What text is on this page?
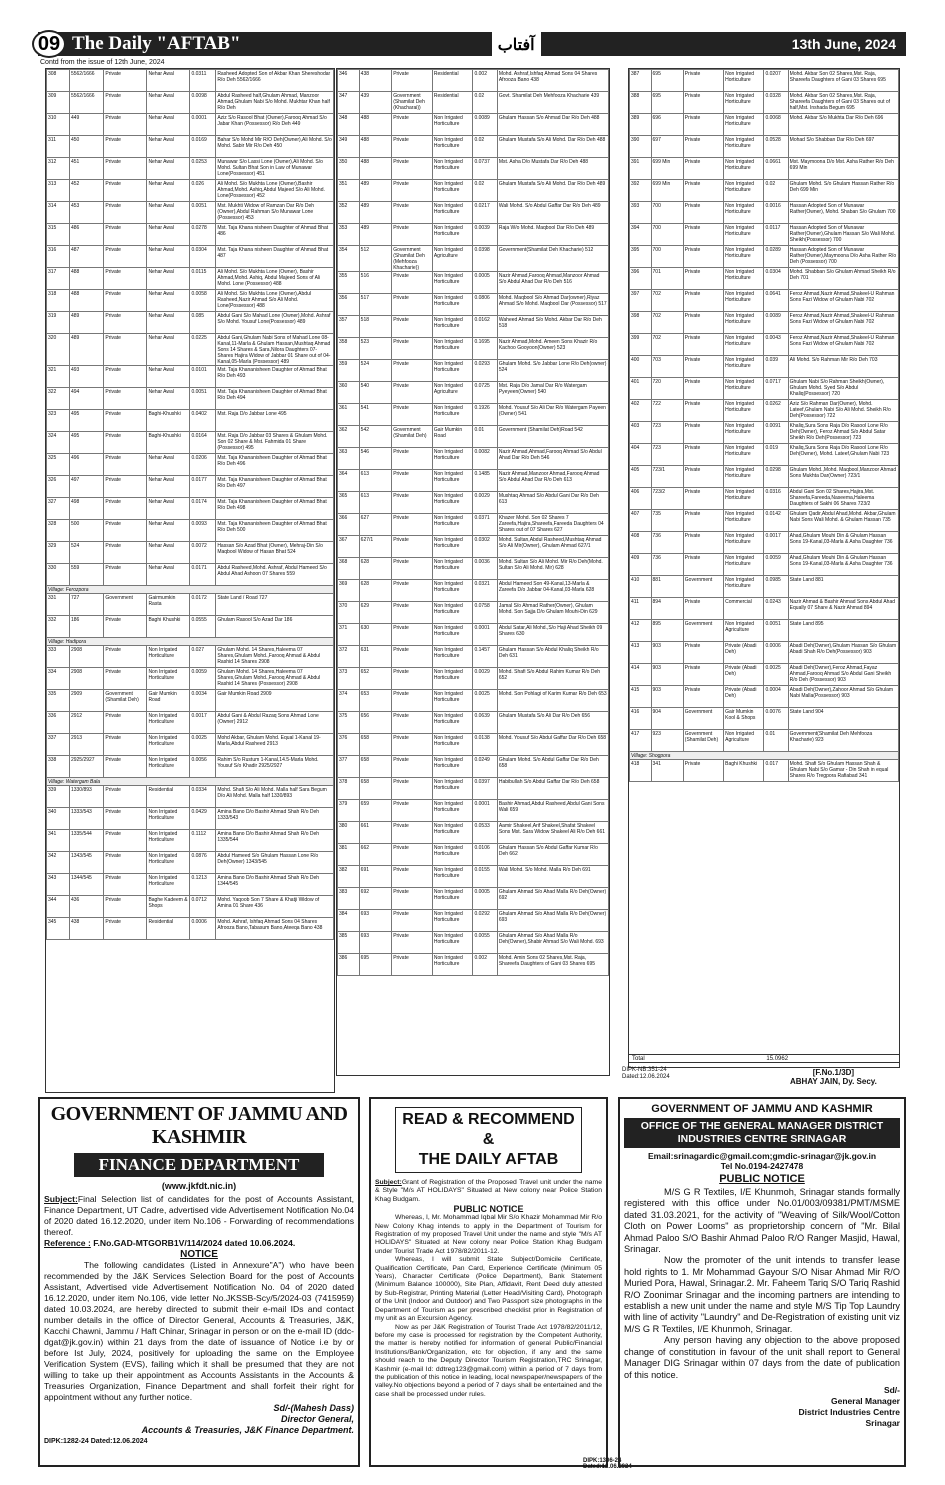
09 The Daily "AFTAB"	آفتاب	13th June, 2024
Contd from the issue of 12th June, 2024
308	5562/1666	Private	Nehar Awal	0.0311	Rasheed Adopted Son of Akbar Khan Shereshodar R/o Deh 5562/1666
309	5562/1666	Private	Nehar Awal	0.0098	Abdul Rasheed half,Ghulam Ahmad, Manzoor Ahmad,Ghulam Nabi S/o Mohd. Mukhtar Khan half R/o Deh
310	449	Private	Nehar Awal	0.0001	Aziz S/o Rasool Bhat (Owner),Farooq Ahmad S/o Jabar Khan (Possessor) R/o Deh 449
311	450	Private	Nehar Awal	0.0169	Bahar S/o Mohd Mir R/O Deh(Owner),Ali Mohd. S/o Mohd. Sabir Mir R/o Deh 450
312	451	Private	Nehar Awal	0.0253	Munawar S/o Lassi Lone (Owner),Ali Mohd. S/o Mohd. Sultan Bhat Son in Law of Munawar Lone(Possessor) 451
313	452	Private	Nehar Awal	0.026	Ali Mohd. S/o Mukhta Lone (Owner),Bashir Ahmad,Mohd. Ashiq,Abdul Majeed S/o Ali Mohd. Lone(Possessor) 452
314	453	Private	Nehar Awal	0.0051	Mst. Mukhti Widow of Ramzan Dar R/o Deh (Owner),Abdul Rahman S/o Munawar Lone (Possessor) 453
315	486	Private	Nehar Awal	0.0278	Mst. Taja Khana nisheen Daughter of Ahmad Bhat 486
316	487	Private	Nehar Awal	0.0304	Mst. Taja Khana nisheen Daughter of Ahmad Bhat 487
317	488	Private	Nehar Awal	0.0115	Ali Mohd. S/o Mukhta Lone (Owner), Bashir Ahmad,Mohd. Ashiq, Abdul Majeed Sons of Ali Mohd. Lone (Possessor) 488
318	488	Private	Nehar Awal	0.0058	Ali Mohd. S/o Mukhta Lone (Owner),Abdul Rasheed,Nazir Ahmad S/o Ali Mohd. Lone(Possessor) 488
319	489	Private	Nehar Awal	0.085	Abdul Gani S/o Mahad Lone (Owner),Mohd. Ashraf S/o Mohd. Yousuf Lone(Possessor) 489
320	489	Private	Nehar Awal	0.0225	Abdul Gani,Ghulam Nabi Sons of Mahad Lone 08-Kanal,11-Marla & Ghulam Hassan,Mushtaq Ahmad Sons 14 Shares & Sara,Nilora Daughters 07-Shares Hajira Widow of Jabbar 01 Share out of 04-Kanal,05-Marla (Possessor) 489
321	493	Private	Nehar Awal	0.0101	Mst. Taja Khananisheen Daughter of Ahmad Bhat R/o Deh 493
322	494	Private	Nehar Awal	0.0051	Mst. Taja Khananisheen Daughter of Ahmad Bhat R/o Deh 494
323	495	Private	Baghi-Khushki	0.0402	Mst. Raja D/o Jabbar Lone 495
324	495	Private	Baghi-Khushki	0.0164	Mst. Raja D/o Jabbar 03 Shares & Ghulam Mohd. Son 02 Share & Mst. Fahmida 01 Share (Possessor) 495
325	496	Private	Nehar Awal	0.0206	Mst. Taja Khananisheen Daughter of Ahmad Bhat R/o Deh 496
326	497	Private	Nehar Awal	0.0177	Mst. Taja Khananisheen Daughter of Ahmad Bhat R/o Deh 497
327	498	Private	Nehar Awal	0.0174	Mst. Taja Khananisheen Daughter of Ahmad Bhat R/o Deh 498
328	500	Private	Nehar Awal	0.0093	Mst. Taja Khananisheen Daughter of Ahmad Bhat R/o Deh 500
329	524	Private	Nehar Awal	0.0072	Hassan S/o Azad Bhat (Owner), Mehraj-Din S/o Maqbool Widow of Hasan Bhat 524
330	559	Private	Nehar Awal	0.0171	Abdul Rasheed,Mohd. Ashraf, Abdul Hameed S/o Abdul Ahad Ashoon 07 Shares 559
Village: Ferozpora					
331	727	Government	Gairmumkin Rasta	0.0172	State Land / Road 727
332	186	Private	Baghi Khushki	0.0555	Ghulam Rasool S/o Azad Dar 186
Village: Hadipora					
333	2908	Private	Non Irrigated Horticulture	0.027	Ghulam Mohd. 14 Shares,Haleema 07 Shares,Ghulam Mohd.,Farooq Ahmad & Abdul Rashid 14 Shares 2908
334	2908	Private	Non Irrigated Horticulture	0.0059	Ghulam Mohd. 14 Shares,Haleema 07 Shares,Ghulam Mohd.,Farooq Ahmad & Abdul Rashid 14 Shares (Possessor) 2908
335	2909	Government (Shamilat Deh)	Gair Mumkin Road	0.0034	Gair Mumkin Road 2909
336	2912	Private	Non Irrigated Horticulture	0.0017	Abdul Gani & Abdul Razaq Sons Ahmad Lone (Owner) 2912
337	2913	Private	Non Irrigated Horticulture	0.0025	Mohd Akbar, Ghulam Mohd. Equal 1-Kanal 19-Marla,Abdul Rasheed 2913
338	2925/2927	Private	Non Irrigated Horticulture	0.0056	Rahim S/o Rustum 1-Kanal,14.5-Marla Mohd. Yousuf S/o Khadir 2925/2927
Village: Watergam Bala					
339	1330/893	Private	Residential	0.0334	Mohd. Shafi S/o Ali Mohd. Malla half Sara Begum D/o Ali Mohd. Malla half 1330/893
340	1333/543	Private	Non Irrigated Horticulture	0.0429	Amina Bano D/o Bashir Ahmad Shah R/o Deh 1333/543
341	1335/544	Private	Non Irrigated Horticulture	0.1112	Amina Bano D/o Bashir Ahmad Shah R/o Deh 1335/544
342	1343/545	Private	Non Irrigated Horticulture	0.0876	Abdul Hameed S/o Ghulam Hassan Lone R/o Deh(Owner) 1343/545
343	1344/545	Private	Non Irrigated Horticulture	0.1213	Amina Bano D/o Bashir Ahmad Shah R/o Deh 1344/545
344	436	Private	Baghe Kadeem & Shops	0.0712	Mohd. Yaqoob Son 7 Share & Khatji Widow of Amina 01 Share 436
345	438	Private	Residential	0.0006	Mohd. Ashraf, Ishfaq Ahmad Sons 04 Shares Afrooza Bano,Tabasum Bano,Ateeqa Bano 438
346	438	Private	Residential	0.002	Mohd. Ashraf,Ishfaq Ahmad Sons 04 Shares Afrooza Bano 438
347	439	Government (Shamilat Deh (Khacharai))	Residential	0.02	Govt. Shamilat Deh Mehfooza Khacharie 439
348	488	Private	Non Irrigated Horticulture	0.0089	Ghulam Hassan S/o Ahmad Dar R/o Deh 488
349	488	Private	Non Irrigated Horticulture	0.02	Ghulam Mustafa S/o Ali Mohd. Dar R/o Deh 488
350	488	Private	Non Irrigated Horticulture	0.0737	Mst. Asha D/o Mustafa Dar R/o Deh 488
351	489	Private	Non Irrigated Horticulture	0.02	Ghulam Mustafa S/o Ali Mohd. Dar R/o Deh 489
352	489	Private	Non Irrigated Horticulture	0.0217	Wali Mohd. S/o Abdul Gaffar Dar R/o Deh 489
353	489	Private	Non Irrigated Horticulture	0.0039	Raja W/o Mohd. Maqbool Dar R/o Deh 489
354	512	Government (Shamilat Deh (Mehfooza Khacharie))	Non Irrigated Agriculture	0.0398	Government(Shamilat Deh Khacharie) 512
355	516	Private	Non Irrigated Horticulture	0.0005	Nazir Ahmad,Farooq Ahmad,Manzoor Ahmad S/o Abdul Ahad Dar R/o Deh 516
356	517	Private	Non Irrigated Horticulture	0.0806	Mohd. Maqbool S/o Ahmad Dar(owner),Riyaz Ahmad S/o Mohd. Maqbool Dar (Possessor) 517
357	518	Private	Non Irrigated Horticulture	0.0162	Waheed Ahmad S/o Mohd. Akbar Dar R/o Deh 518
358	523	Private	Non Irrigated Horticulture	0.1695	Nazir Ahmad,Mohd. Ameen Sons Khazir R/o Kachoo Gooyoon(Owner) 523
359	524	Private	Non Irrigated Horticulture	0.0293	Ghulam Mohd. S/o Jabbar Lone R/o Deh(owner) 524
360	540	Private	Non Irrigated Agriculture	0.0725	Mst. Raja D/o Jamal Dar R/o Watergam Pyeyeen(Owner) 540
361	541	Private	Non Irrigated Horticulture	0.1926	Mohd. Yousuf S/o Ali Dar R/o Watergam Payeen (Owner) 541
362	542	Government (Shamilat Deh)	Gair Mumkin Road	0.01	Government (Shamilat Deh)Road 542
363	546	Private	Non Irrigated Horticulture	0.0082	Nazir Ahmad,Ahmad,Farooq Ahmad S/o Abdul Ahad Dar R/o Deh 546
364	613	Private	Non Irrigated Horticulture	0.1485	Nazir Ahmad,Manzoor Ahmad,Farooq Ahmad S/o Abdul Ahad Dar R/o Deh 613
365	613	Private	Non Irrigated Horticulture	0.0029	Mushtaq Ahmad S/o Abdul Gani Dar R/o Deh 613
366	627	Private	Non Irrigated Horticulture	0.0371	Khazer Mohd. Son 02 Shares 7 Zareefa,Hajira,Shareefa,Fareeda Daughters 04 Shares out of 07 Shares 627
367	627/1	Private	Non Irrigated Horticulture	0.0302	Mohd. Sultan,Abdul Rasheed,Mushtaq Ahmad S/o Ali Mir(Owner), Ghulam Ahmad 627/1
368	628	Private	Non Irrigated Horticulture	0.0036	Mohd. Sultan S/o Ali Mohd. Mir R/o Deh(Mohd. Sultan S/o Ali Mohd. Mir) 628
369	628	Private	Non Irrigated Horticulture	0.0321	Abdul Hameed Son 49-Kanal,13-Marla & Zareefa D/o Jabbar 04-Kanal,03-Marla 628
370	629	Private	Non Irrigated Horticulture	0.0758	Jamal S/o Ahmad Rather(Owner), Ghulam Mohd. Son Sajja D/o Ghulam Mouhi-Din 629
371	630	Private	Non Irrigated Horticulture	0.0001	Abdul Satar,Ali Mohd.,S/o Haji Ahad Sheikh 09 Shares 630
372	631	Private	Non Irrigated Horticulture	0.1457	Ghulam Hassan S/o Abdul Khaliq Sheikh R/o Deh 631
373	652	Private	Non Irrigated Horticulture	0.0029	Mohd. Shafi S/o Abdul Rahim Kumar R/o Deh 652
374	653	Private	Non Irrigated Horticulture	0.0025	Mohd. Son Pohlagi of Karim Kumar R/o Deh 653
375	656	Private	Non Irrigated Horticulture	0.0639	Ghulam Mustafa S/o Ali Dar R/o Deh 656
376	658	Private	Non Irrigated Horticulture	0.0138	Mohd. Yousuf S/o Abdul Gaffar Dar R/o Deh 658
377	658	Private	Non Irrigated Horticulture	0.0249	Ghulam Mohd. S/o Abdul Gaffar Dar R/o Deh 658
378	658	Private	Non Irrigated Horticulture	0.0397	Habibullah S/o Abdul Gaffar Dar R/o Deh 658
379	659	Private	Non Irrigated Horticulture	0.0001	Bashir Ahmad,Abdul Rasheed,Abdul Gani Sons Wali 659
380	661	Private	Non Irrigated Horticulture	0.0533	Aamir Shakeel,Arif Shakeel,Shafat Shakeel Sons Mst. Sara Widow Shakeel Ali R/o Deh 661
381	662	Private	Non Irrigated Horticulture	0.0106	Ghulam Hassan S/o Abdul Gaffar Kumar R/o Deh 662
382	691	Private	Non Irrigated Horticulture	0.0155	Wali Mohd. S/o Mohd. Malla R/o Deh 691
383	692	Private	Non Irrigated Horticulture	0.0005	Ghulam Ahmad S/o Ahad Malla R/o Deh(Owner) 692
384	693	Private	Non Irrigated Horticulture	0.0292	Ghulam Ahmad S/o Ahad Malla R/o Deh(Owner) 693
385	693	Private	Non Irrigated Horticulture	0.0055	Ghulam Ahmad S/o Ahad Malla R/o Deh(Owner),Shabir Ahmad S/o Wali Mohd. 693
386	695	Private	Non Irrigated Horticulture	0.002	Mohd. Amin Sons 02 Shares,Mst. Raja, Shareefa Daughters of Gani 03 Shares 695
387	695	Private	Non Irrigated Horticulture	0.0207	Mohd. Akbar Son 02 Shares,Mst. Raja, Shareefa Daughters of Gani 03 Shares 695
388	695	Private	Non Irrigated Horticulture	0.0328	Mohd. Akbar Son 02 Shares,Mst. Raja, Shareefa Daughters of Gani 03 Shares out of half,Mst. Inshada Begum 695
389	696	Private	Non Irrigated Horticulture	0.0068	Mohd. Akbar S/o Mukhta Dar R/o Deh 696
390	697	Private	Non Irrigated Horticulture	0.0528	Mohad S/o Shabban Dar R/o Deh 697
391	699 Min	Private	Non Irrigated Horticulture	0.0661	Mst. Maymoona D/o Mst. Asha Rather R/o Deh 699 Min
392	699 Min	Private	Non Irrigated Horticulture	0.02	Ghulam Mohd. S/o Ghulam Hassan Rather R/o Deh 699 Min
393	700	Private	Non Irrigated Horticulture	0.0016	Hassan Adopted Son of Munawar Rather(Owner), Mohd. Shaban S/o Ghulam 700
394	700	Private	Non Irrigated Horticulture	0.0117	Hassan Adopted Son of Munawar Rather(Owner),Ghulam Hassan S/o Wali Mohd. Sheikh(Possessor) 700
395	700	Private	Non Irrigated Horticulture	0.0289	Hassan Adopted Son of Munawar Rather(Owner),Maymoona D/o Asha Rather R/o Deh (Possessor) 700
396	701	Private	Non Irrigated Horticulture	0.0304	Mohd. Shabban S/o Ghulam Ahmad Sheikh R/o Deh 701
397	702	Private	Non Irrigated Horticulture	0.0641	Feroz Ahmad,Nazir Ahmad,Shakeel-U Rahman Sons Fazi Widow of Ghulam Nabi 702
398	702	Private	Non Irrigated Horticulture	0.0089	Feroz Ahmad,Nazir Ahmad,Shakeel-U Rahman Sons Fazi Widow of Ghulam Nabi 702
399	702	Private	Non Irrigated Horticulture	0.0043	Feroz Ahmad,Nazir Ahmad,Shakeel-U Rahman Sons Fazi Widow of Ghulam Nabi 702
400	703	Private	Non Irrigated Horticulture	0.039	Ali Mohd. S/o Rahman Mir R/o Deh 703
401	720	Private	Non Irrigated Horticulture	0.0717	Ghulam Nabi S/o Rahman Sheikh(Owner), Ghulam Mohd. Syed S/o Abdul Khaliq(Possessor) 720
402	722	Private	Non Irrigated Horticulture	0.0262	Aziz S/o Rahman Dar(Owner), Mohd. Lateef,Ghulam Nabi S/o Ali Mohd. Sheikh R/o Deh(Possessor) 722
403	723	Private	Non Irrigated Horticulture	0.0091	Khaliq,Sura Sons Raja D/o Rasool Lone R/o Deh(Owner), Feroz Ahmad S/o Abdul Satar Sheikh R/o Deh(Possessor) 723
404	723	Private	Non Irrigated Horticulture	0.019	Khaliq,Sura Sons Raja D/o Rasool Lone R/o Deh(Owner), Mohd. Lateef,Ghulam Nabi 723
405	723/1	Private	Non Irrigated Horticulture	0.0298	Ghulam Mohd.,Mohd. Maqbool,Manzoor Ahmad Sons Mukhta Dar(Owner) 723/1
406	723/2	Private	Non Irrigated Horticulture	0.0316	Abdul Gani Son 02 Shares,Hajira,Mst. Shareefa,Fareeda,Naseema,Haleema Daughters of Sakhi 06 Shares 723/2
407	735	Private	Non Irrigated Horticulture	0.0142	Ghulam Qadir,Abdul Ahad,Mohd. Akbar,Ghulam Nabi Sons Wali Mohd. & Ghulam Hassan 735
408	736	Private	Non Irrigated Horticulture	0.0017	Ahad,Ghulam Mouhi Din & Ghulam Hassan Sons 19-Kanal,03-Marla & Asha Daughter 736
409	736	Private	Non Irrigated Horticulture	0.0059	Ahad,Ghulam Mouhi Din & Ghulam Hassan Sons 19-Kanal,03-Marla & Asha Daughter 736
410	881	Government	Non Irrigated Horticulture	0.0985	State Land 881
411	894	Private	Commercial	0.0243	Nazir Ahmad & Bashir Ahmad Sons Abdul Ahad Equally 07 Share & Nazir Ahmad 894
412	895	Government	Non Irrigated Agriculture	0.0051	State Land 895
413	903	Private	Private (Abadi Deh)	0.0006	Abadi Deh(Owner),Ghulam Hassan S/o Ghulam Abadi Shah R/o Deh(Possessor) 903
414	903	Private	Private (Abadi Deh)	0.0025	Abadi Deh(Owner),Feroz Ahmad,Fayaz Ahmad,Farooq Ahmad S/o Abdul Gani Sheikh R/o Deh (Possessor) 903
415	903	Private	Private (Abadi Deh)	0.0004	Abadi Deh(Owner),Zahoor Ahmad S/o Ghulam Nabi Malla(Possessor) 903
416	904	Government	Gair Mumkin Kool & Shops	0.0076	State Land 904
417	923	Government (Shamilat Deh)	Non Irrigated Agriculture	0.01	Government(Shamilat Deh Mehfooza Khacharie) 923
Village: Shogpora					
418	341	Private	Baghi Khushki	0.017	Mohd. Shafi S/o Ghulam Hassan Shah & Ghulam Nabi S/o Gamar - Din Shah in equal Shares R/o Tregpora Rafiabad 341
Total	15.0962
DIPK-NB:351-24
Dated:12.06.2024	[F.No.1/3D]
ABHAY JAIN, Dy. Secy.
GOVERNMENT OF JAMMU AND KASHMIR
FINANCE DEPARTMENT
(www.jkfdt.nic.in)

Subject:Final Selection list of candidates for the post of Accounts Assistant, Finance Department, UT Cadre, advertised vide Advertisement Notification No.04 of 2020 dated 16.12.2020, under item No.106 - Forwarding of recommendations thereof.

Reference : F.No.GAD-MTGORB1V/114/2024 dated 10.06.2024.

NOTICE

The following candidates (Listed in Annexure"A") who have been recommended by the J&K Services Selection Board for the post of Accounts Assistant, Advertised vide Advertisement Notification No. 04 of 2020 dated 16.12.2020, under item No.106, vide letter No.JKSSB-Scy/5/2024-03 (7415959) dated 10.03.2024, are hereby directed to submit their e-mail IDs and contact number details in the office of Director General, Accounts & Treasuries, J&K, Kacchi Chawni, Jammu / Haft Chinar, Srinagar in person or on the e-mail ID (ddc-dgat@jk.gov.in) within 21 days from the date of issuance of Notice i.e by or before Ist July, 2024, positively for uploading the same on the Employee Verification System (EVS), failing which it shall be presumed that they are not willing to take up their appointment as Accounts Assistants in the Accounts & Treasuries Organization, Finance Department and shall forfeit their right for appointment without any further notice.

Sd/-(Mahesh Dass)
Director General,
Accounts & Treasuries, J&K Finance Department.
DIPK:1282-24 Dated:12.06.2024
READ & RECOMMEND
&
THE DAILY AFTAB

Subject:Grant of Registration of the Proposed Travel unit under the name & Style "M/s AT HOLIDAYS" Situated at New colony near Police Station Khag Budgam.

PUBLIC NOTICE

Whereas, I, Mr. Mohammad Iqbal Mir S/o Khazir Mohammad Mir R/o New Colony Khag intends to apply in the Department of Tourism for Registration of my proposed Travel Unit under the name and style "M/s AT HOLIDAYS" Situated at New colony near Police Station Khag Budgam under Tourist Trade Act 1978/82/2011-12.

Whereas, I will submit State Subject/Domicile Certificate, Qualification Certificate, Pan Card, Experience Certificate (Minimum 05 Years), Character Certificate (Police Department), Bank Statement (Minimum Balance 100000), Site Plan, Affidavit, Rent Deed duly attested by Sub-Registrar, Printing Material (Letter Head/Visiting Card), Photograph of the Unit (Indoor and Outdoor) and Two Passport size photographs in the Department of Tourism as per prescribed checklist prior in Registration of my unit as an Excursion Agency.

Now as per J&K Registration of Tourist Trade Act 1978/82/2011/12, before my case is processed for registration by the Competent Authority, the matter is hereby notified for information of general Public/Financial Institutions/Bank/Organization, etc for objection, if any and the same should reach to the Deputy Director Tourism Registration,TRC Srinagar, Kashmir (e-mail Id: ddtreg123@gmail.com) within a period of 7 days from the publication of this notice in leading, local newspaper/newspapers of the valley.No objections beyond a period of 7 days shall be entertained and the case shall be processed under rules.

DIPK:1306-24
Dated:12.06.2024
GOVERNMENT OF JAMMU AND KASHMIR
OFFICE OF THE GENERAL MANAGER DISTRICT INDUSTRIES CENTRE SRINAGAR
Email:srinagardic@gmail.com;gmdic-srinagar@jk.gov.in
Tel No.0194-2427478
PUBLIC NOTICE

M/S G R Textiles, I/E Khunmoh, Srinagar stands formally registered with this office under No.01/003/09381/PMT/MSME dated 31.03.2021, for the activity of "Weaving of Silk/Wool/Cotton Cloth on Power Looms" as proprietorship concern of "Mr. Bilal Ahmad Paloo S/O Bashir Ahmad Paloo R/O Ranger Masjid, Hawal, Srinagar.

Now the promoter of the unit intends to transfer lease hold rights to 1. Mr Mohammad Gayour S/O Nisar Ahmad Mir R/O Muried Pora, Hawal, Srinagar.2. Mr. Faheem Tariq S/O Tariq Rashid R/O Zoonimar Srinagar and the incoming partners are intending to establish a new unit under the name and style M/S Tip Top Laundry with line of activity "Laundry" and De-Registration of existing unit viz M/S G R Textiles, I/E Khunmoh, Srinagar.

Any person having any objection to the above proposed change of constitution in favour of the unit shall report to General Manager DIG Srinagar within 07 days from the date of publication of this notice.

Sd/-
General Manager
District Industries Centre
Srinagar
